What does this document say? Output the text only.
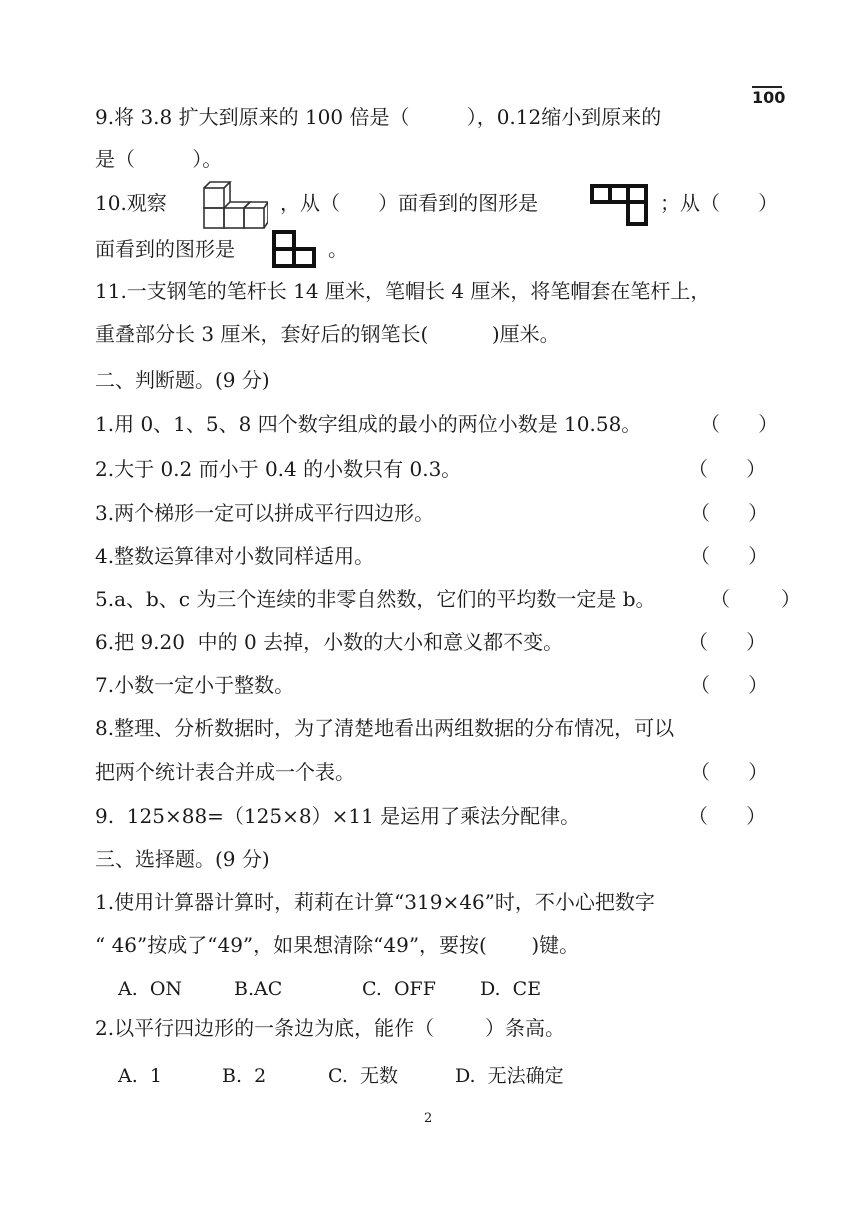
100
9.将 3.8 扩大到原来的 100 倍是（         ），0.12缩小到原来的
是（         ）。
10.观察	，从（      ）面看到的图形是	；从（      ）
面看到的图形是	。
11.一支钢笔的笔杆长 14 厘米，笔帽长 4 厘米，将笔帽套在笔杆上，
重叠部分长 3 厘米，套好后的钢笔长(          )厘米。
二、判断题。(9 分)
1.用 0、1、5、8 四个数字组成的最小的两位小数是 10.58。	（      ）
2.大于 0.2 而小于 0.4 的小数只有 0.3。	（      ）
3.两个梯形一定可以拼成平行四边形。	（      ）
4.整数运算律对小数同样适用。	（      ）
5.a、b、c 为三个连续的非零自然数，它们的平均数一定是 b。	（        ）
6.把 9.20  中的 0 去掉，小数的大小和意义都不变。	（      ）
7.小数一定小于整数。	（      ）
8.整理、分析数据时，为了清楚地看出两组数据的分布情况，可以
把两个统计表合并成一个表。	（      ）
9.  125×88=（125×8）×11 是运用了乘法分配律。	（      ）
三、选择题。(9 分)
1.使用计算器计算时，莉莉在计算“319×46”时，不小心把数字
“ 46”按成了“49”，如果想清除“49”，要按(       )键。
A.  ON	B.AC	C.  OFF D.  CE
2.以平行四边形的一条边为底，能作（        ）条高。
A.  1	B.  2	C.  无数	D.  无法确定
2
